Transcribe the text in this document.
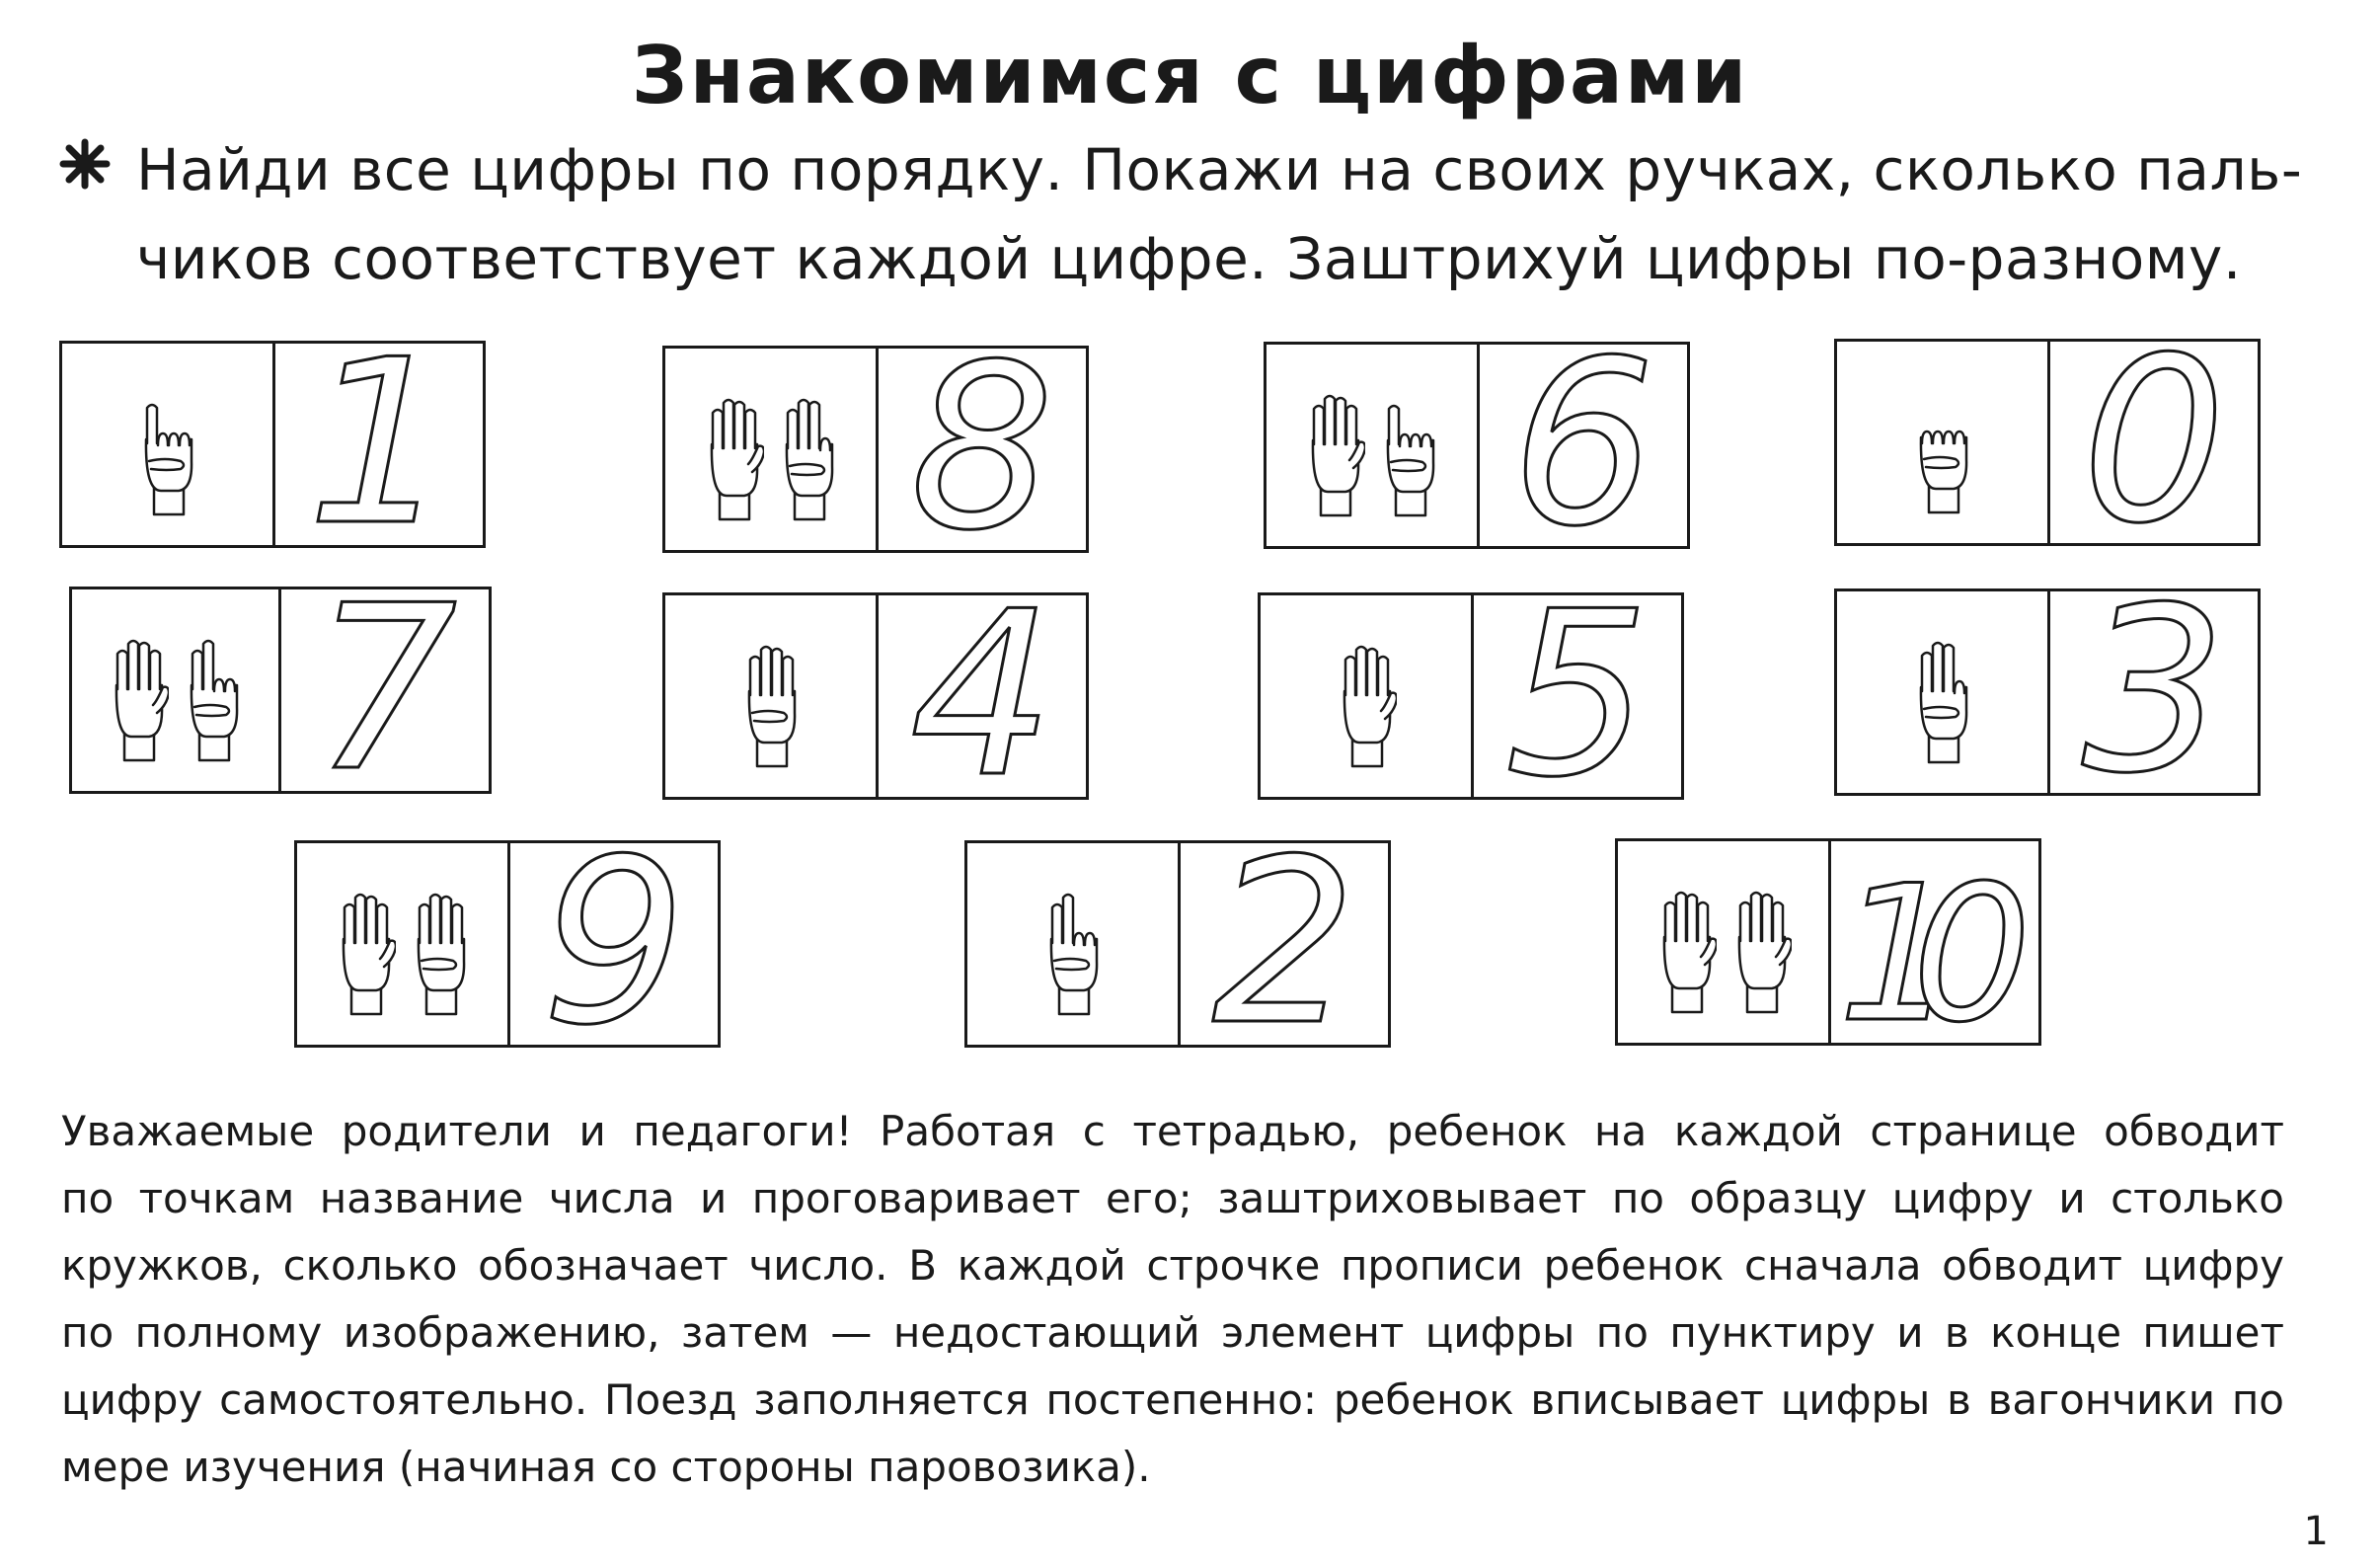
Знакомимся с цифрами
Найди все цифры по порядку. Покажи на своих ручках, сколько паль-
чиков соответствует каждой цифре. Заштрихуй цифры по-разному.
1 8 6 0
7 4 5 3
9 2	10
Уважаемые родители и педагоги! Работая с тетрадью, ребенок на каждой странице обводит
по точкам название числа и проговаривает его; заштриховывает по образцу цифру и столько
кружков, сколько обозначает число. В каждой строчке прописи ребенок сначала обводит цифру
по полному изображению, затем — недостающий элемент цифры по пунктиру и в конце пишет
цифру самостоятельно. Поезд заполняется постепенно: ребенок вписывает цифры в вагончики по
мере изучения (начиная со стороны паровозика).
1
